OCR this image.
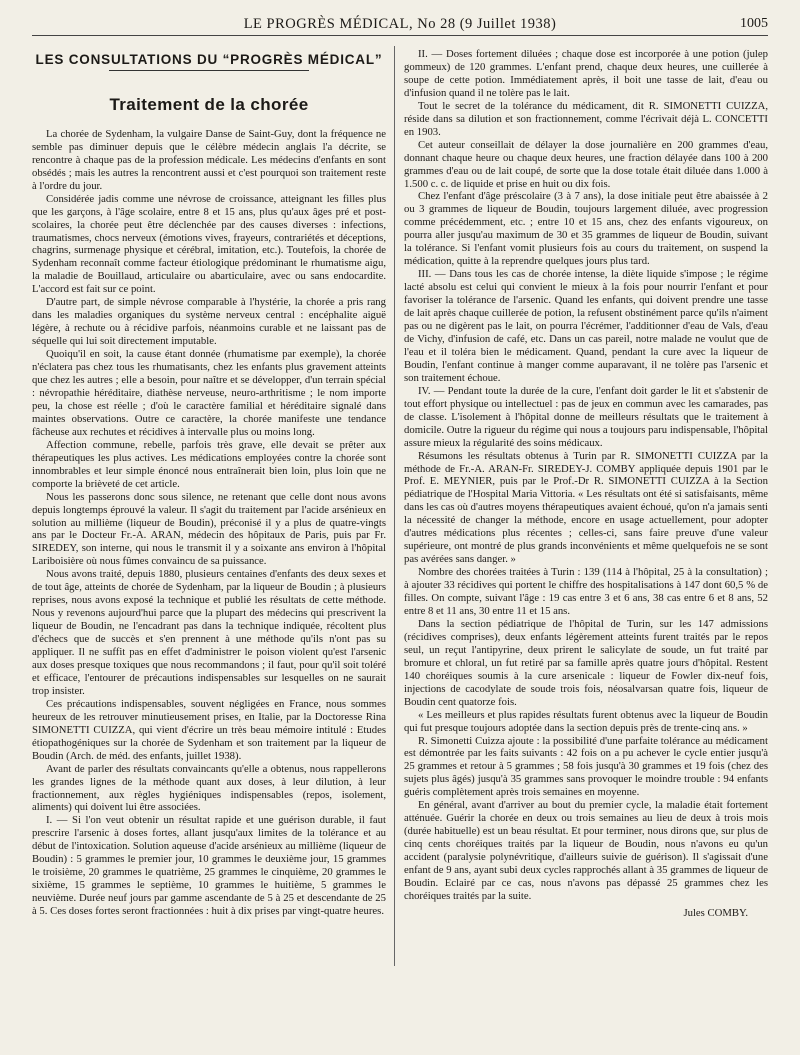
LE PROGRÈS MÉDICAL, No 28 (9 Juillet 1938)	1005
LES CONSULTATIONS DU “PROGRÈS MÉDICAL”
Traitement de la chorée

La chorée de Sydenham, la vulgaire Danse de Saint-Guy, dont la fréquence ne semble pas diminuer depuis que le célèbre médecin anglais l'a décrite, se rencontre à chaque pas de la profession médicale. Les médecins d'enfants en sont obsédés ; mais les autres la rencontrent aussi et c'est pourquoi son traitement reste à l'ordre du jour.

Considérée jadis comme une névrose de croissance, atteignant les filles plus que les garçons, à l'âge scolaire, entre 8 et 15 ans, plus qu'aux âges pré et post-scolaires, la chorée peut être déclenchée par des causes diverses : infections, traumatismes, chocs nerveux (émotions vives, frayeurs, contrariétés et déceptions, chagrins, surmenage physique et cérébral, imitation, etc.). Toutefois, la chorée de Sydenham reconnaît comme facteur étiologique prédominant le rhumatisme aigu, la maladie de Bouillaud, articulaire ou abarticulaire, avec ou sans endocardite. L'accord est fait sur ce point.

D'autre part, de simple névrose comparable à l'hystérie, la chorée a pris rang dans les maladies organiques du système nerveux central : encéphalite aiguë légère, à rechute ou à récidive parfois, néanmoins curable et ne laissant pas de séquelle qui lui soit directement imputable.

Quoiqu'il en soit, la cause étant donnée (rhumatisme par exemple), la chorée n'éclatera pas chez tous les rhumatisants, chez les enfants plus gravement atteints que chez les autres ; elle a besoin, pour naître et se développer, d'un terrain spécial : névropathie héréditaire, diathèse nerveuse, neuro-arthritisme ; le nom importe peu, la chose est réelle ; d'où le caractère familial et héréditaire signalé dans maintes observations. Outre ce caractère, la chorée manifeste une tendance fâcheuse aux rechutes et récidives à intervalle plus ou moins long.

Affection commune, rebelle, parfois très grave, elle devait se prêter aux thérapeutiques les plus actives. Les médications employées contre la chorée sont innombrables et leur simple énoncé nous entraînerait bien loin, plus loin que ne comporte la brièveté de cet article.

Nous les passerons donc sous silence, ne retenant que celle dont nous avons depuis longtemps éprouvé la valeur. Il s'agit du traitement par l'acide arsénieux en solution au millième (liqueur de Boudin), préconisé il y a plus de quatre-vingts ans par le Docteur Fr.-A. ARAN, médecin des hôpitaux de Paris, puis par Fr. SIREDEY, son interne, qui nous le transmit il y a soixante ans environ à l'hôpital Lariboisière où nous fûmes convaincu de sa puissance.

Nous avons traité, depuis 1880, plusieurs centaines d'enfants des deux sexes et de tout âge, atteints de chorée de Sydenham, par la liqueur de Boudin ; à plusieurs reprises, nous avons exposé la technique et publié les résultats de cette méthode. Nous y revenons aujourd'hui parce que la plupart des médecins qui prescrivent la liqueur de Boudin, ne l'encadrant pas dans la technique indiquée, récoltent plus d'échecs que de succès et s'en prennent à une méthode qu'ils n'ont pas su appliquer. Il ne suffit pas en effet d'administrer le poison violent qu'est l'arsenic aux doses presque toxiques que nous recommandons ; il faut, pour qu'il soit toléré et efficace, l'entourer de précautions indispensables sur lesquelles on ne saurait trop insister.

Ces précautions indispensables, souvent négligées en France, nous sommes heureux de les retrouver minutieusement prises, en Italie, par la Doctoresse Rina SIMONETTI CUIZZA, qui vient d'écrire un très beau mémoire intitulé : Etudes étiopathogéniques sur la chorée de Sydenham et son traitement par la liqueur de Boudin (Arch. de méd. des enfants, juillet 1938).

Avant de parler des résultats convaincants qu'elle a obtenus, nous rappellerons les grandes lignes de la méthode quant aux doses, à leur dilution, à leur fractionnement, aux règles hygiéniques indispensables (repos, isolement, aliments) qui doivent lui être associées.

I. — Si l'on veut obtenir un résultat rapide et une guérison durable, il faut prescrire l'arsenic à doses fortes, allant jusqu'aux limites de la tolérance et au début de l'intoxication. Solution aqueuse d'acide arsénieux au millième (liqueur de Boudin) : 5 grammes le premier jour, 10 grammes le deuxième jour, 15 grammes le troisième, 20 grammes le quatrième, 25 grammes le cinquième, 20 grammes le sixième, 15 grammes le septième, 10 grammes le huitième, 5 grammes le neuvième. Durée neuf jours par gamme ascendante de 5 à 25 et descendante de 25 à 5. Ces doses fortes seront fractionnées : huit à dix prises par vingt-quatre heures.

II. — Doses fortement diluées ; chaque dose est incorporée à une potion (julep gommeux) de 120 grammes. L'enfant prend, chaque deux heures, une cuillerée à soupe de cette potion. Immédiatement après, il boit une tasse de lait, d'eau ou d'infusion quand il ne tolère pas le lait.

Tout le secret de la tolérance du médicament, dit R. SIMONETTI CUIZZA, réside dans sa dilution et son fractionnement, comme l'écrivait déjà L. CONCETTI en 1903.

Cet auteur conseillait de délayer la dose journalière en 200 grammes d'eau, donnant chaque heure ou chaque deux heures, une fraction délayée dans 100 à 200 grammes d'eau ou de lait coupé, de sorte que la dose totale était diluée dans 1.000 à 1.500 c. c. de liquide et prise en huit ou dix fois.

Chez l'enfant d'âge préscolaire (3 à 7 ans), la dose initiale peut être abaissée à 2 ou 3 grammes de liqueur de Boudin, toujours largement diluée, avec progression comme précédemment, etc. ; entre 10 et 15 ans, chez des enfants vigoureux, on pourra aller jusqu'au maximum de 30 et 35 grammes de liqueur de Boudin, suivant la tolérance. Si l'enfant vomit plusieurs fois au cours du traitement, on suspend la médication, quitte à la reprendre quelques jours plus tard.

III. — Dans tous les cas de chorée intense, la diète liquide s'impose ; le régime lacté absolu est celui qui convient le mieux à la fois pour nourrir l'enfant et pour favoriser la tolérance de l'arsenic. Quand les enfants, qui doivent prendre une tasse de lait après chaque cuillerée de potion, la refusent obstinément parce qu'ils n'aiment pas ou ne digèrent pas le lait, on pourra l'écrémer, l'additionner d'eau de Vals, d'eau de Vichy, d'infusion de café, etc. Dans un cas pareil, notre malade ne voulut que de l'eau et il toléra bien le médicament. Quand, pendant la cure avec la liqueur de Boudin, l'enfant continue à manger comme auparavant, il ne tolère pas l'arsenic et son traitement échoue.

IV. — Pendant toute la durée de la cure, l'enfant doit garder le lit et s'abstenir de tout effort physique ou intellectuel : pas de jeux en commun avec les camarades, pas de classe. L'isolement à l'hôpital donne de meilleurs résultats que le traitement à domicile. Outre la rigueur du régime qui nous a toujours paru indispensable, l'hôpital assure mieux la régularité des soins médicaux.

Résumons les résultats obtenus à Turin par R. SIMONETTI CUIZZA par la méthode de Fr.-A. ARAN-Fr. SIREDEY-J. COMBY appliquée depuis 1901 par le Prof. E. MEYNIER, puis par le Prof.-Dr R. SIMONETTI CUIZZA à la Section pédiatrique de l'Hospital Maria Vittoria. « Les résultats ont été si satisfaisants, même dans les cas où d'autres moyens thérapeutiques avaient échoué, qu'on n'a jamais senti la nécessité de changer la méthode, encore en usage actuellement, pour adopter d'autres médications plus récentes ; celles-ci, sans faire preuve d'une valeur supérieure, ont montré de plus grands inconvénients et même quelquefois ne se sont pas avérées sans danger. »

Nombre des chorées traitées à Turin : 139 (114 à l'hôpital, 25 à la consultation) ; à ajouter 33 récidives qui portent le chiffre des hospitalisations à 147 dont 60,5 % de filles. On compte, suivant l'âge : 19 cas entre 3 et 6 ans, 38 cas entre 6 et 8 ans, 52 entre 8 et 11 ans, 30 entre 11 et 15 ans.

Dans la section pédiatrique de l'hôpital de Turin, sur les 147 admissions (récidives comprises), deux enfants légèrement atteints furent traités par le repos seul, un reçut l'antipyrine, deux prirent le salicylate de soude, un fut traité par bromure et chloral, un fut retiré par sa famille après quatre jours d'hôpital. Restent 140 choréiques soumis à la cure arsenicale : liqueur de Fowler dix-neuf fois, injections de cacodylate de soude trois fois, néosalvarsan quatre fois, liqueur de Boudin cent quatorze fois.

« Les meilleurs et plus rapides résultats furent obtenus avec la liqueur de Boudin qui fut presque toujours adoptée dans la section depuis près de trente-cinq ans. »

R. Simonetti Cuizza ajoute : la possibilité d'une parfaite tolérance au médicament est démontrée par les faits suivants : 42 fois on a pu achever le cycle entier jusqu'à 25 grammes et retour à 5 grammes ; 58 fois jusqu'à 30 grammes et 19 fois (chez des sujets plus âgés) jusqu'à 35 grammes sans provoquer le moindre trouble : 94 enfants guéris complètement après trois semaines en moyenne.

En général, avant d'arriver au bout du premier cycle, la maladie était fortement atténuée. Guérir la chorée en deux ou trois semaines au lieu de deux à trois mois (durée habituelle) est un beau résultat. Et pour terminer, nous dirons que, sur plus de cinq cents choréiques traités par la liqueur de Boudin, nous n'avons eu qu'un accident (paralysie polynévritique, d'ailleurs suivie de guérison). Il s'agissait d'une enfant de 9 ans, ayant subi deux cycles rapprochés allant à 35 grammes de liqueur de Boudin. Eclairé par ce cas, nous n'avons pas dépassé 25 grammes chez les choréiques traités par la suite.

Jules COMBY.
